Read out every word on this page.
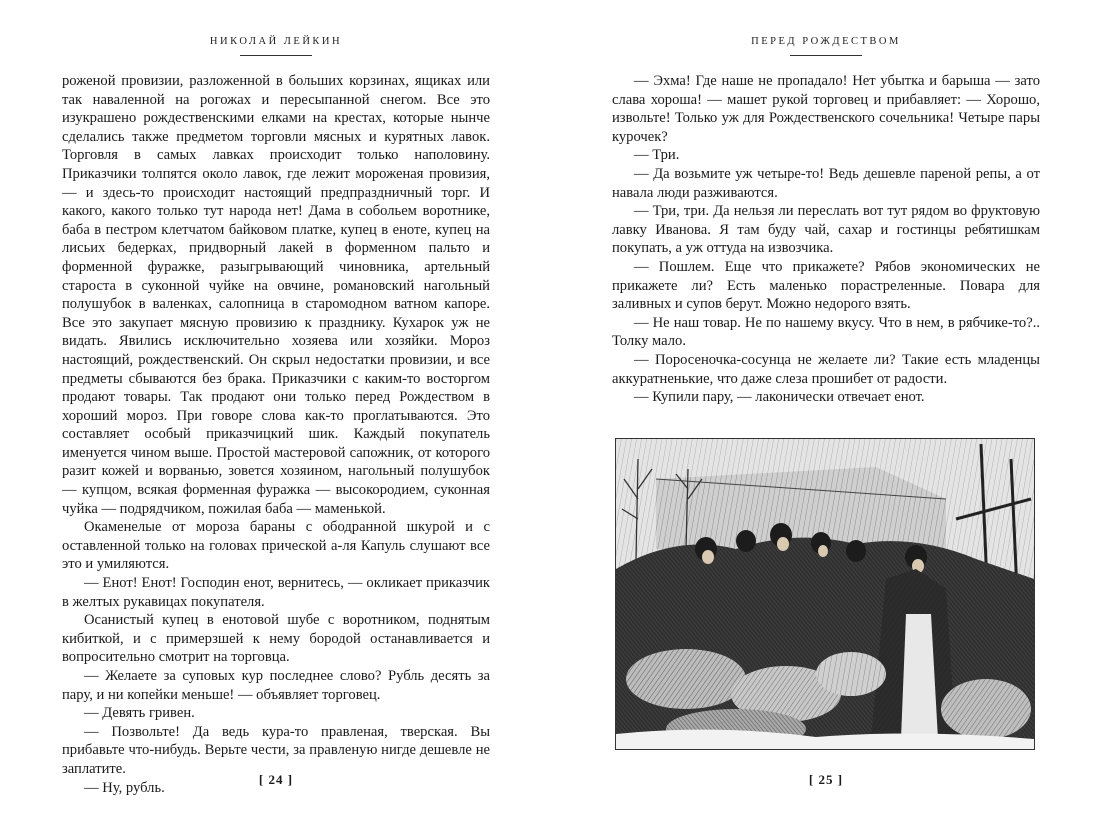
НИКОЛАЙ ЛЕЙКИН

роженой провизии, разложенной в больших корзинах, ящиках или так наваленной на рогожах и пересыпанной снегом. Все это изукрашено рождественскими елками на крестах, которые нынче сделались также предметом торговли мясных и курятных лавок. Торговля в самых лавках происходит только наполовину. Приказчики толпятся около лавок, где лежит мороженая провизия, — и здесь-то происходит настоящий предпраздничный торг. И какого, какого только тут народа нет! Дама в собольем воротнике, баба в пестром клетчатом байковом платке, купец в еноте, купец на лисьих бедерках, придворный лакей в форменном пальто и форменной фуражке, разыгрывающий чиновника, артельный староста в суконной чуйке на овчине, романовский нагольный полушубок в валенках, салопница в старомодном ватном капоре. Все это закупает мясную провизию к празднику. Кухарок уж не видать. Явились исключительно хозяева или хозяйки. Мороз настоящий, рождественский. Он скрыл недостатки провизии, и все предметы сбываются без брака. Приказчики с каким-то восторгом продают товары. Так продают они только перед Рождеством в хороший мороз. При говоре слова как-то проглатываются. Это составляет особый приказчицкий шик. Каждый покупатель именуется чином выше. Простой мастеровой сапожник, от которого разит кожей и ворванью, зовется хозяином, нагольный полушубок — купцом, всякая форменная фуражка — высокородием, суконная чуйка — подрядчиком, пожилая баба — маменькой.

Окаменелые от мороза бараны с ободранной шкурой и с оставленной только на головах прической а-ля Капуль слушают все это и умиляются.

— Енот! Енот! Господин енот, вернитесь, — окликает приказчик в желтых рукавицах покупателя.

Осанистый купец в енотовой шубе с воротником, поднятым кибиткой, и с примерзшей к нему бородой останавливается и вопросительно смотрит на торговца.

— Желаете за суповых кур последнее слово? Рубль десять за пару, и ни копейки меньше! — объявляет торговец.

— Девять гривен.

— Позвольте! Да ведь кура-то правленая, тверская. Вы прибавьте что-нибудь. Верьте чести, за правленую нигде дешевле не заплатите.

— Ну, рубль.

[ 24 ]
ПЕРЕД РОЖДЕСТВОМ

— Эхма! Где наше не пропадало! Нет убытка и барыша — зато слава хороша! — машет рукой торговец и прибавляет: — Хорошо, извольте! Только уж для Рождественского сочельника! Четыре пары курочек?

— Три.

— Да возьмите уж четыре-то! Ведь дешевле пареной репы, а от навала люди разживаются.

— Три, три. Да нельзя ли переслать вот тут рядом во фруктовую лавку Иванова. Я там буду чай, сахар и гостинцы ребятишкам покупать, а уж оттуда на извозчика.

— Пошлем. Еще что прикажете? Рябов экономических не прикажете ли? Есть маленько порастреленные. Повара для заливных и супов берут. Можно недорого взять.

— Не наш товар. Не по нашему вкусу. Что в нем, в рябчике-то?.. Толку мало.

— Поросеночка-сосунца не желаете ли? Такие есть младенцы аккуратненькие, что даже слеза прошибет от радости.

— Купили пару, — лаконически отвечает енот.

[ 25 ]
